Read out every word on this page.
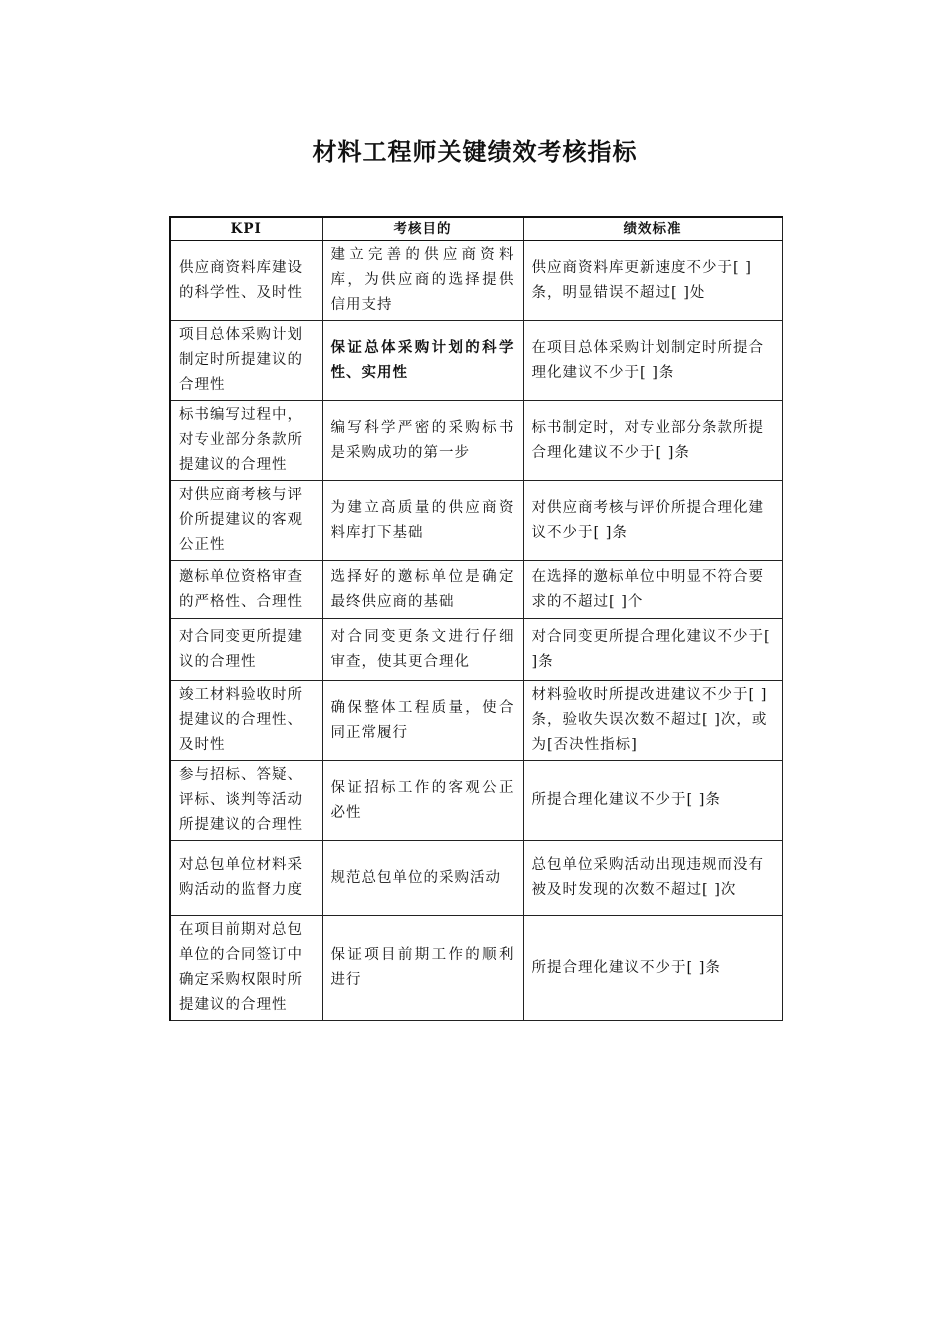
材料工程师关键绩效考核指标
KPI	考核目的	绩效标准
供应商资料库建设的科学性、及时性	建立完善的供应商资料库，为供应商的选择提供信用支持	供应商资料库更新速度不少于[ ]条，明显错误不超过[ ]处
项目总体采购计划制定时所提建议的合理性	保证总体采购计划的科学性、实用性	在项目总体采购计划制定时所提合理化建议不少于[ ]条
标书编写过程中，对专业部分条款所提建议的合理性	编写科学严密的采购标书是采购成功的第一步	标书制定时，对专业部分条款所提合理化建议不少于[ ]条
对供应商考核与评价所提建议的客观公正性	为建立高质量的供应商资料库打下基础	对供应商考核与评价所提合理化建议不少于[ ]条
邀标单位资格审查的严格性、合理性	选择好的邀标单位是确定最终供应商的基础	在选择的邀标单位中明显不符合要求的不超过[ ]个
对合同变更所提建议的合理性	对合同变更条文进行仔细审查，使其更合理化	对合同变更所提合理化建议不少于[ ]条
竣工材料验收时所提建议的合理性、及时性	确保整体工程质量，使合同正常履行	材料验收时所提改进建议不少于[ ]条，验收失误次数不超过[ ]次，或为[否决性指标]
参与招标、答疑、评标、谈判等活动所提建议的合理性	保证招标工作的客观公正必性	所提合理化建议不少于[ ]条
对总包单位材料采购活动的监督力度	规范总包单位的采购活动	总包单位采购活动出现违规而没有被及时发现的次数不超过[ ]次
在项目前期对总包单位的合同签订中确定采购权限时所提建议的合理性	保证项目前期工作的顺利进行	所提合理化建议不少于[ ]条
